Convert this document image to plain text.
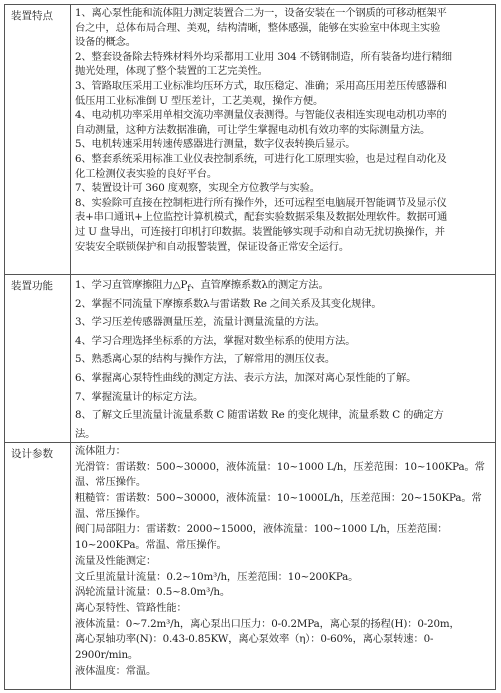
装置特点	1、离心泵性能和流体阻力测定装置合二为一，设备安装在一个钢质的可移动框架平
台之中，总体布局合理、美观，结构清晰，整体感强，能够在实验室中体现主实验
设备的概念。
2、整套设备除去特殊材料外均采都用工业用 304 不锈钢制造，所有装备均进行精细
抛光处理，体现了整个装置的工艺完美性。
3、管路取压采用工业标准均压环方式，取压稳定、准确；采用高压用差压传感器和
低压用工业标准倒 U 型压差计，工艺美观，操作方便。
4、电动机功率采用单相交流功率测量仪表测得。与智能仪表相连实现电动机功率的
自动测量，这种方法数据准确，可让学生掌握电动机有效功率的实际测量方法。
5、电机转速采用转速传感器进行测量，数字仪表转换后显示。
6、整套系统采用标准工业仪表控制系统，可进行化工原理实验，也是过程自动化及
化工检测仪表实验的良好平台。
7、装置设计可 360 度观察，实现全方位教学与实验。
8、实验除可直接在控制柜进行所有操作外，还可远程至电脑展开智能调节及显示仪
表+串口通讯+上位监控计算机模式，配套实验数据采集及数据处理软件。数据可通
过 U 盘导出，可连接打印机打印数据。装置能够实现手动和自动无扰切换操作，并
安装安全联锁保护和自动报警装置，保证设备正常安全运行。
装置功能	1、学习直管摩擦阻力$\triangle P_f$、直管摩擦系数λ的测定方法。
2、掌握不同流量下摩擦系数λ与雷诺数 Re 之间关系及其变化规律。
3、学习压差传感器测量压差，流量计测量流量的方法。
4、学习合理选择坐标系的方法，掌握对数坐标系的使用方法。
5、熟悉离心泵的结构与操作方法，了解常用的测压仪表。
6、掌握离心泵特性曲线的测定方法、表示方法，加深对离心泵性能的了解。
7、掌握流量计的标定方法。
8、了解文丘里流量计流量系数 C 随雷诺数 Re 的变化规律，流量系数 C 的确定方
法。
设计参数	流体阻力：
光滑管：雷诺数：500~30000，液体流量：10~1000 L/h，压差范围：10~100KPa。常
温、常压操作。
粗糙管：雷诺数：500~30000，液体流量：10~1000L/h，压差范围：20~150KPa。常
温、常压操作。
阀门局部阻力：雷诺数：2000~15000，液体流量：100~1000 L/h，压差范围：
10~200KPa。常温、常压操作。
流量及性能测定：
文丘里流量计流量：0.2~10m³/h，压差范围：10~200KPa。
涡轮流量计流量：0.5~8.0m³/h。
离心泵特性、管路性能：
液体流量：0~7.2m³/h，离心泵出口压力：0-0.2MPa，离心泵的扬程(H)：0-20m，
离心泵轴功率(N)：0.43-0.85KW，离心泵效率（η）：0-60%，离心泵转速：0-
2900r/min。
液体温度：常温。
